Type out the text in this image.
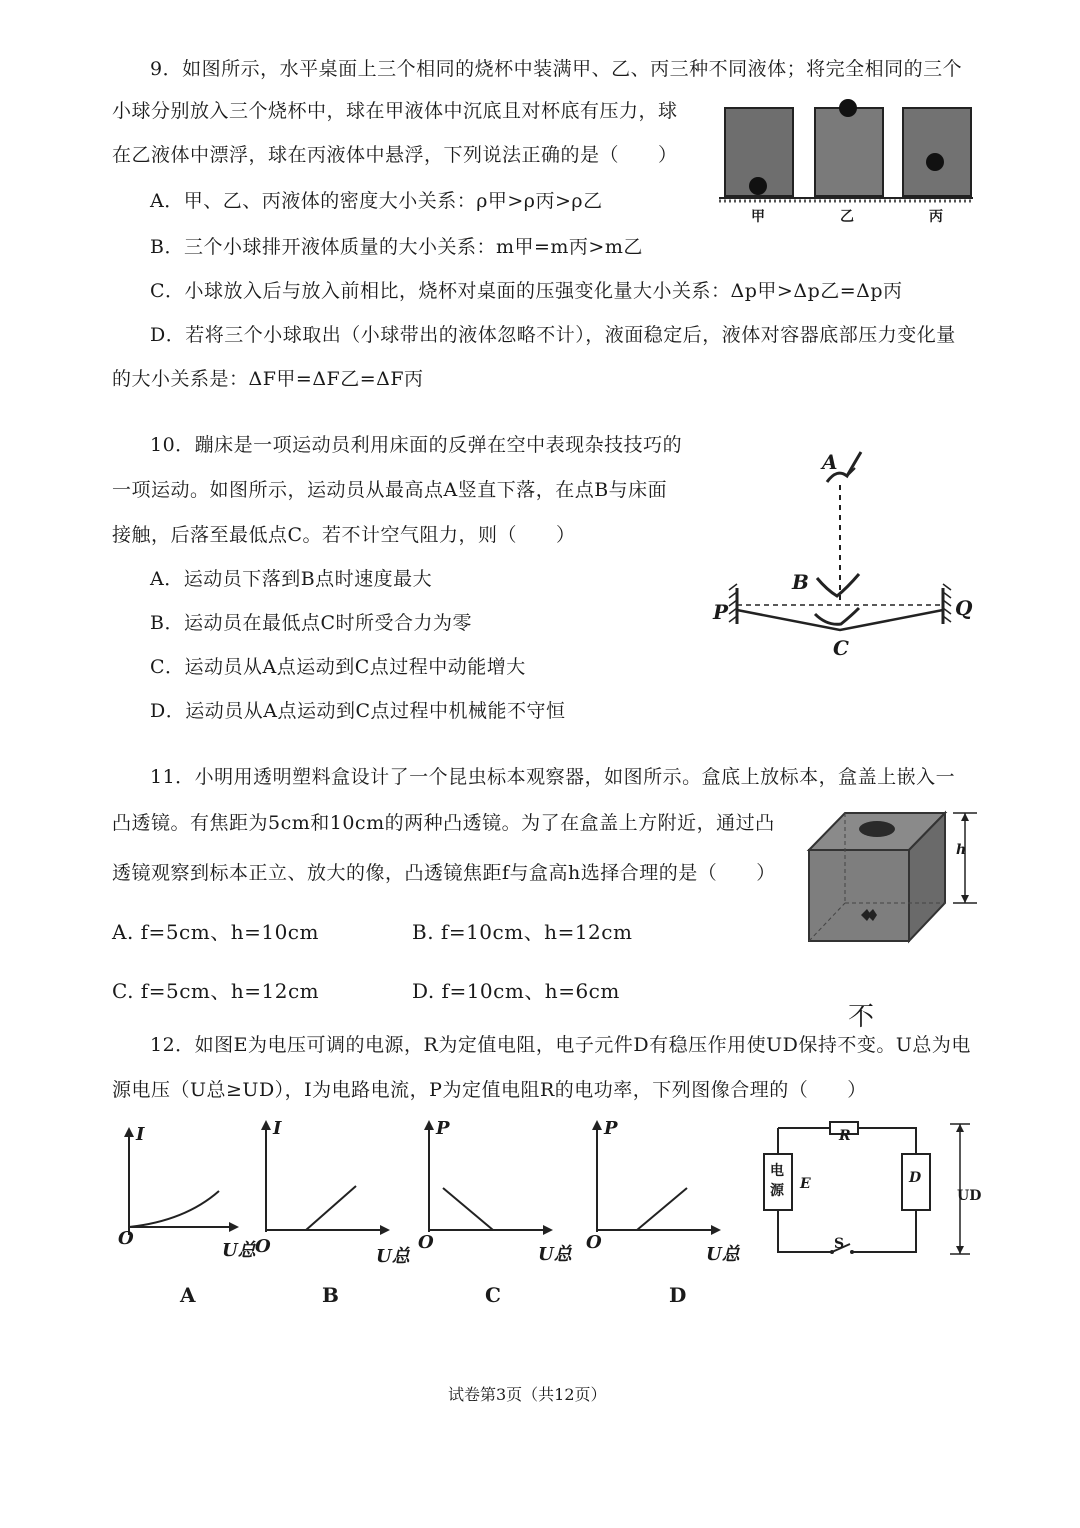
9．如图所示，水平桌面上三个相同的烧杯中装满甲、乙、丙三种不同液体；将完全相同的三个
小球分别放入三个烧杯中，球在甲液体中沉底且对杯底有压力，球
在乙液体中漂浮，球在丙液体中悬浮，下列说法正确的是（　　）
A．甲、乙、丙液体的密度大小关系：ρ甲>ρ丙>ρ乙
B．三个小球排开液体质量的大小关系：m甲=m丙>m乙
C．小球放入后与放入前相比，烧杯对桌面的压强变化量大小关系：Δp甲>Δp乙=Δp丙
D．若将三个小球取出（小球带出的液体忽略不计），液面稳定后，液体对容器底部压力变化量
的大小关系是：ΔF甲=ΔF乙=ΔF丙
甲	乙	丙
10．蹦床是一项运动员利用床面的反弹在空中表现杂技技巧的
一项运动。如图所示，运动员从最高点A竖直下落，在点B与床面
接触，后落至最低点C。若不计空气阻力，则（　　）
A．运动员下落到B点时速度最大
B．运动员在最低点C时所受合力为零
C．运动员从A点运动到C点过程中动能增大
D．运动员从A点运动到C点过程中机械能不守恒
A
B
C
P	Q
11．小明用透明塑料盒设计了一个昆虫标本观察器，如图所示。盒底上放标本，盒盖上嵌入一
凸透镜。有焦距为5cm和10cm的两种凸透镜。为了在盒盖上方附近，通过凸
透镜观察到标本正立、放大的像，凸透镜焦距f与盒高h选择合理的是（　　）
A. f=5cm、h=10cm	B. f=10cm、h=12cm
C. f=5cm、h=12cm	D. f=10cm、h=6cm
h
不
12．如图E为电压可调的电源，R为定值电阻，电子元件D有稳压作用使UD保持不变。U总为电
源电压（U总≥UD），I为电路电流，P为定值电阻R的电功率，下列图像合理的（　　）
I
O
U总
A
I
O	U总
B
P
O
U总
C
P
O
U总
D
R
电
源 E	D
S
UD
试卷第3页（共12页）
